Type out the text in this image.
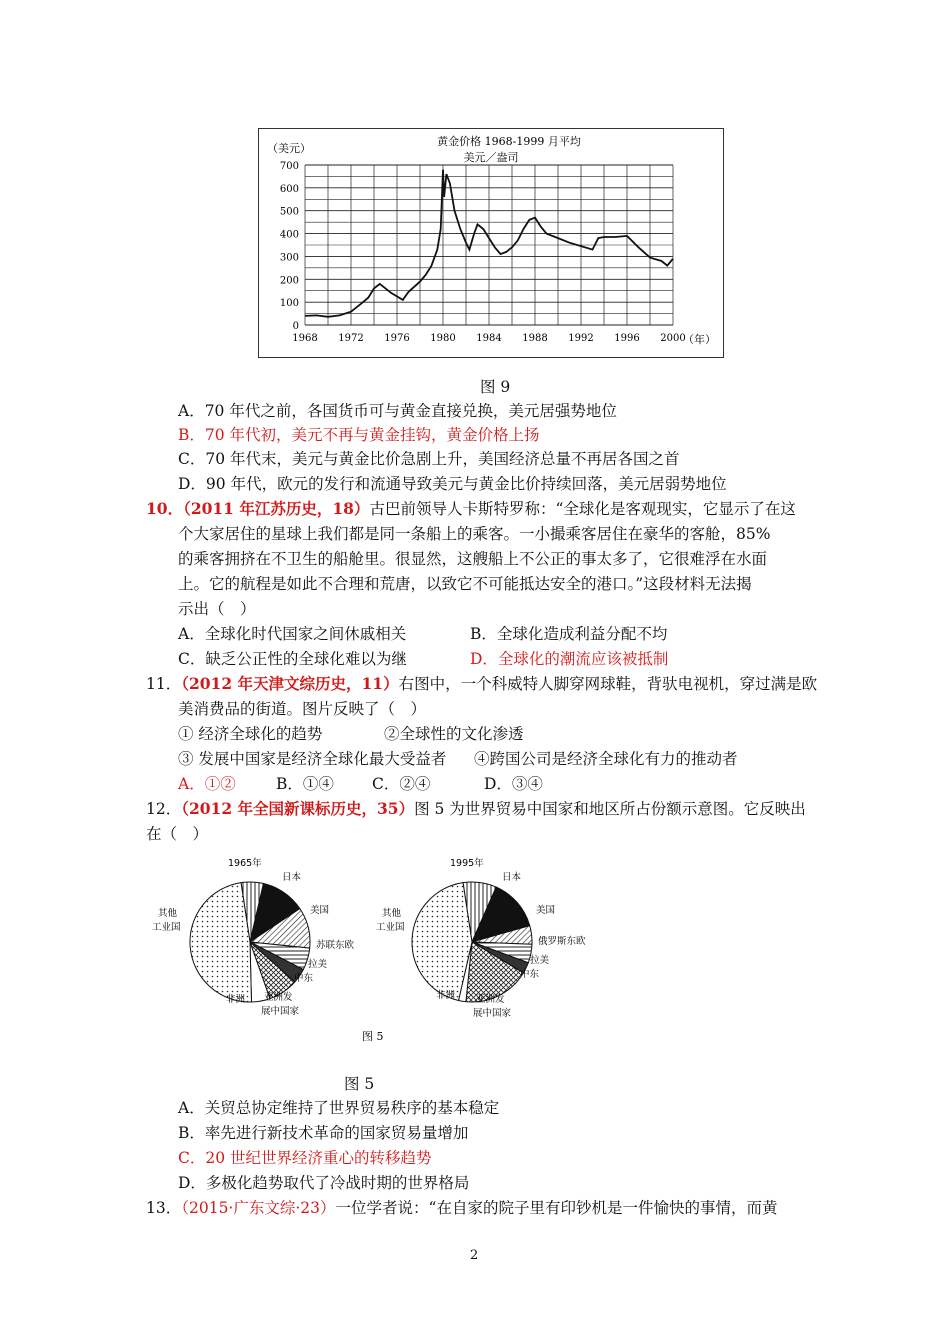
0
100
200
300
400
500
600
700
1968 1972 1976 1980 1984 1988 1992 1996 2000
黄金价格 1968-1999 月平均
美元／盎司
（美元）
（年）
图 9
A．70 年代之前，各国货币可与黄金直接兑换，美元居强势地位
B．70 年代初，美元不再与黄金挂钩，黄金价格上扬
C．70 年代末，美元与黄金比价急剧上升，美国经济总量不再居各国之首
D．90 年代，欧元的发行和流通导致美元与黄金比价持续回落，美元居弱势地位
10．（2011 年江苏历史，18）古巴前领导人卡斯特罗称：“全球化是客观现实，它显示了在这
个大家居住的星球上我们都是同一条船上的乘客。一小撮乘客居住在豪华的客舱，85%
的乘客拥挤在不卫生的船舱里。很显然，这艘船上不公正的事太多了，它很难浮在水面
上。它的航程是如此不合理和荒唐，以致它不可能抵达安全的港口。”这段材料无法揭
示出（　）
A．全球化时代国家之间休戚相关	B．全球化造成利益分配不均
C．缺乏公正性的全球化难以为继	D．全球化的潮流应该被抵制
11．（2012 年天津文综历史，11）右图中，一个科威特人脚穿网球鞋，背驮电视机，穿过满是欧
美消费品的街道。图片反映了（　）
① 经济全球化的趋势	②全球性的文化渗透
③ 发展中国家是经济全球化最大受益者 ④跨国公司是经济全球化有力的推动者
A．①②	B．①④ C．②④	D．③④
12．（2012 年全国新课标历史，35）图 5 为世界贸易中国家和地区所占份额示意图。它反映出
在（　）
1965年
日本
美国
苏联东欧
拉美
中东
亚洲发
展中国家
非洲
其他
工业国
1995年
日本
美国
俄罗斯东欧
拉美
中东
亚洲发
展中国家
非洲
其他
工业国
图 5
图 5
A．关贸总协定维持了世界贸易秩序的基本稳定
B．率先进行新技术革命的国家贸易量增加
C．20 世纪世界经济重心的转移趋势
D．多极化趋势取代了冷战时期的世界格局
13．（2015·广东文综·23）一位学者说：“在自家的院子里有印钞机是一件愉快的事情，而黄
2
